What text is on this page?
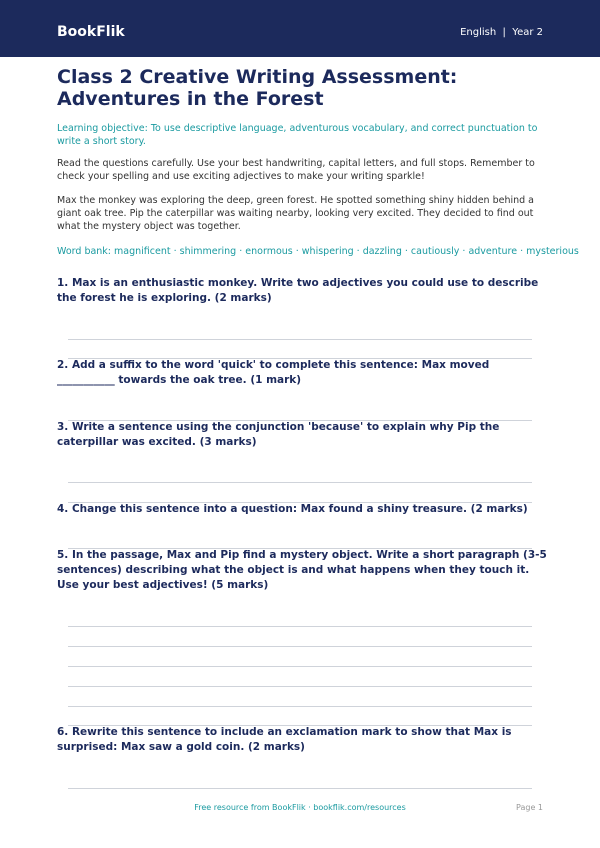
BookFlik	English  |  Year 2
Class 2 Creative Writing Assessment: Adventures in the Forest

Learning objective: To use descriptive language, adventurous vocabulary, and correct punctuation to write a short story.

Read the questions carefully. Use your best handwriting, capital letters, and full stops. Remember to check your spelling and use exciting adjectives to make your writing sparkle!

Max the monkey was exploring the deep, green forest. He spotted something shiny hidden behind a giant oak tree. Pip the caterpillar was waiting nearby, looking very excited. They decided to find out what the mystery object was together.

Word bank: magnificent · shimmering · enormous · whispering · dazzling · cautiously · adventure · mysterious

1. Max is an enthusiastic monkey. Write two adjectives you could use to describe the forest he is exploring. (2 marks)

2. Add a suffix to the word 'quick' to complete this sentence: Max moved ___________ towards the oak tree. (1 mark)

3. Write a sentence using the conjunction 'because' to explain why Pip the caterpillar was excited. (3 marks)

4. Change this sentence into a question: Max found a shiny treasure. (2 marks)

5. In the passage, Max and Pip find a mystery object. Write a short paragraph (3-5 sentences) describing what the object is and what happens when they touch it. Use your best adjectives! (5 marks)

6. Rewrite this sentence to include an exclamation mark to show that Max is surprised: Max saw a gold coin. (2 marks)

Free resource from BookFlik · bookflik.com/resources	Page 1
